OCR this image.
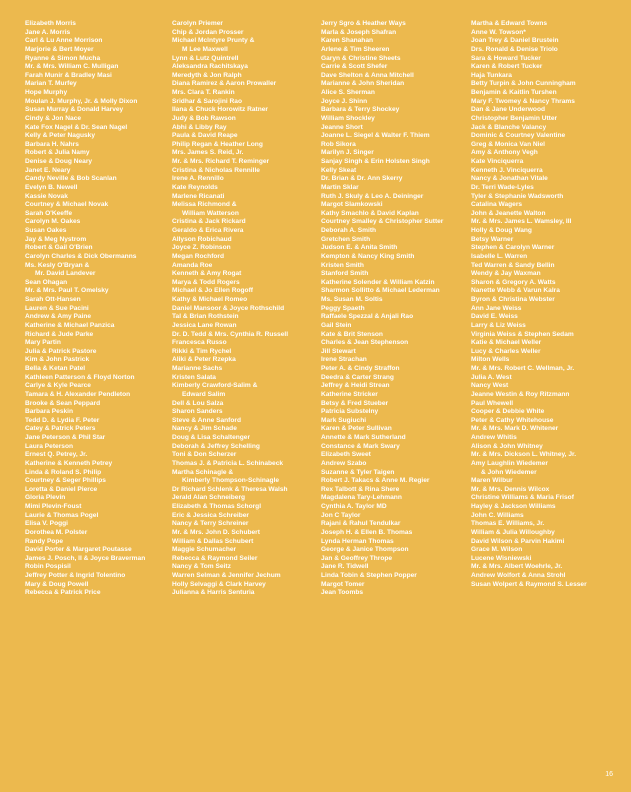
Elizabeth Morris
Jane A. Morris
Carl & Lu Anne Morrison
Marjorie & Bert Moyer
Ryanne & Simon Mucha
Mr. & Mrs. William C. Mulligan
Farah Munir & Bradley Masi
Marian T. Murfey
Hope Murphy
Moulan J. Murphy, Jr. & Molly Dixon
Susan Murray & Donald Harvey
Cindy & Jon Nace
Kate Fox Nagel & Dr. Sean Nagel
Kelly & Peter Nagusky
Barbara H. Nahrs
Robert & Julia Namy
Denise & Doug Neary
Janet E. Neary
Candy Neville & Bob Scanlan
Evelyn B. Newell
Kassie Novak
Courtney & Michael Novak
Sarah O'Keeffe
Carolyn M. Oakes
Susan Oakes
Jay & Meg Nystrom
Robert & Gail O'Brien
Carolyn Charles & Dick Obermanns
Ms. Kesly O'Bryan &
Mr. David Landever
Sean Ohagan
Mr. & Mrs. Paul T. Omelsky
Sarah Ott-Hansen
Lauren & Sue Pacini
Andrew & Amy Paine
Katherine & Michael Panzica
Richard & Jude Parke
Mary Partin
Julia & Patrick Pastore
Kim & John Pastrick
Bella & Ketan Patel
Kathleen Patterson & Floyd Norton
Carlye & Kyle Pearce
Tamara & H. Alexander Pendleton
Brooke & Sean Peppard
Barbara Peskin
Tedd D. & Lydia F. Peter
Catey & Patrick Peters
Jane Peterson & Phil Star
Laura Peterson
Ernest Q. Petrey, Jr.
Katherine & Kenneth Petrey
Linda & Roland S. Philip
Courtney & Seger Phillips
Loretta & Daniel Pierce
Gloria Plevin
Mimi Plevin-Foust
Laurie & Thomas Pogel
Elisa V. Poggi
Dorothea M. Polster
Randy Pope
David Porter & Margaret Poutasse
James J. Posch, II & Joyce Braverman
Robin Pospisil
Jeffrey Potter & Ingrid Tolentino
Mary & Doug Powell
Rebecca & Patrick Price
Carolyn Priemer
Chip & Jordan Prosser
Michael McIntyre Prunty &
M Lee Maxwell
Lynn & Lutz Quintrell
Aleksandra Rachitskaya
Meredyth & Jon Ralph
Diana Ramirez & Aaron Prowaller
Mrs. Clara T. Rankin
Sridhar & Sarojini Rao
Ilana & Chuck Horowitz Ratner
Judy & Bob Rawson
Abhi & Libby Ray
Paula & David Reape
Philip Regan & Heather Long
Mrs. James S. Reid, Jr.
Mr. & Mrs. Richard T. Reminger
Cristina & Nicholas Rennille
Irene A. Rennillo
Kate Reynolds
Marlene Ricanati
Melissa Richmond &
William Watterson
Cristina & Jack Rickard
Geraldo & Erica Rivera
Allyson Robichaud
Joyce Z. Robinson
Megan Rochford
Amanda Roe
Kenneth & Amy Rogat
Marya & Todd Rogers
Michael & Jo Ellen Rogoff
Kathy & Michael Romeo
Daniel Mansoor & Joyce Rothschild
Tal & Brian Rothstein
Jessica Lane Rowan
Dr. D. Tedd & Mrs. Cynthia R. Russell
Francesca Russo
Rikki & Tim Rychel
Aliki & Peter Rzepka
Marianne Sachs
Kristen Salata
Kimberly Crawford-Salim &
Edward Salim
Dell & Lou Salza
Sharon Sanders
Steve & Anne Sanford
Nancy & Jim Schade
Doug & Lisa Schaltenger
Deborah & Jeffrey Schelling
Toni & Don Scherzer
Thomas J. & Patricia L. Schinabeck
Martha Schinagle &
Kimberly Thompson-Schinagle
Dr Richard Schlenk & Theresa Walsh
Jerald Alan Schneiberg
Elizabeth & Thomas Schorgl
Eric & Jessica Schreiber
Nancy & Terry Schreiner
Mr. & Mrs. John D. Schubert
William & Dallas Schubert
Maggie Schumacher
Rebecca & Raymond Seiler
Nancy & Tom Seitz
Warren Selman & Jennifer Jechum
Holly Selvaggi & Clark Harvey
Julianna & Harris Senturia
Jerry Sgro & Heather Ways
Marla & Joseph Shafran
Karen Shanahan
Arlene & Tim Sheeren
Garyn & Christine Sheets
Carrie & Scott Shefer
Dave Shelton & Anna Mitchell
Marianne & John Sheridan
Alice S. Sherman
Joyce J. Shinn
Barbara & Terry Shockey
William Shockley
Jeanne Short
Joanne L. Siegel & Walter F. Thiem
Rob Sikora
Marilyn J. Singer
Sanjay Singh & Erin Holsten Singh
Kelly Skeat
Dr. Brian & Dr. Ann Skerry
Martin Sklar
Ruth J. Skuly & Leo A. Deininger
Margot Slamkowski
Kathy Smachlo & David Kaplan
Courtney Smalley & Christopher Sutter
Deborah A. Smith
Gretchen Smith
Judson E. & Anita Smith
Kempton & Nancy King Smith
Kristen Smith
Stanford Smith
Katherine Solender & William Katzin
Sharmon Sollitto & Michael Lederman
Ms. Susan M. Soltis
Peggy Spaeth
Raffaele Spezzal & Anjali Rao
Gail Stein
Kate & Brit Stenson
Charles & Jean Stephenson
Jill Stewart
Irene Strachan
Peter A. & Cindy Straffon
Deedra & Carter Strang
Jeffrey & Heidi Strean
Katherine Stricker
Betsy & Fred Stueber
Patricia Substelny
Mark Sugiuchi
Karen & Peter Sullivan
Annette & Mark Sutherland
Constance & Mark Swary
Elizabeth Sweet
Andrew Szabo
Suzanne & Tyler Taigen
Robert J. Takacs & Anne M. Regier
Rex Talbott & Rina Shere
Magdalena Tary-Lehmann
Cynthia A. Taylor MD
Jon C Taylor
Rajani & Rahul Tendulkar
Joseph H. & Ellen B. Thomas
Lynda Herman Thomas
George & Janice Thompson
Jan & Geoffrey Thrope
Jane R. Tidwell
Linda Tobin & Stephen Popper
Margot Tomer
Jean Toombs
Martha & Edward Towns
Anne W. Towson*
Joan Trey & Daniel Brustein
Drs. Ronald & Denise Triolo
Sara & Howard Tucker
Karen & Robert Tucker
Haja Tunkara
Betty Turpin & John Cunningham
Benjamin & Kaitlin Turshen
Mary F. Twomey & Nancy Thrams
Dan & Jane Underwood
Christopher Benjamin Utter
Jack & Blanche Valancy
Dominic & Courtney Valentine
Greg & Monica Van Niel
Amy & Anthony Vegh
Kate Vinciquerra
Kenneth J. Vinciquerra
Nancy & Jonathan Vitale
Dr. Terri Wade-Lyles
Tyler & Stephanie Wadsworth
Catalina Wagers
John & Jeanette Walton
Mr. & Mrs. James L. Wamsley, III
Holly & Doug Wang
Betsy Warner
Stephen & Carolyn Warner
Isabelle L. Warren
Ted Warren & Sandy Bellin
Wendy & Jay Waxman
Sharon & Gregory A. Watts
Nanette Webb & Varun Kalra
Byron & Christina Webster
Ann Jane Weiss
David E. Weiss
Larry & Liz Weiss
Virginia Weiss & Stephen Sedam
Katie & Michael Weller
Lucy & Charles Weller
Milton Wells
Mr. & Mrs. Robert C. Wellman, Jr.
Julia A. West
Nancy West
Jeanne Westin & Roy Ritzmann
Paul Whewell
Cooper & Debbie White
Peter & Cathy Whitehouse
Mr. & Mrs. Mark D. Whitener
Andrew Whitis
Alison & John Whitney
Mr. & Mrs. Dickson L. Whitney, Jr.
Amy Laughlin Wiedemer
& John Wiedemer
Maren Wilbur
Mr. & Mrs. Dennis Wilcox
Christine Williams & Maria Frisof
Hayley & Jackson Williams
John C. Williams
Thomas E. Williams, Jr.
William & Julia Willoughby
David Wilson & Parvin Hakimi
Grace M. Wilson
Lucene Wisniewski
Mr. & Mrs. Albert Woehrle, Jr.
Andrew Wolfort & Anna Strohl
Susan Wolpert & Raymond S. Lesser
16
